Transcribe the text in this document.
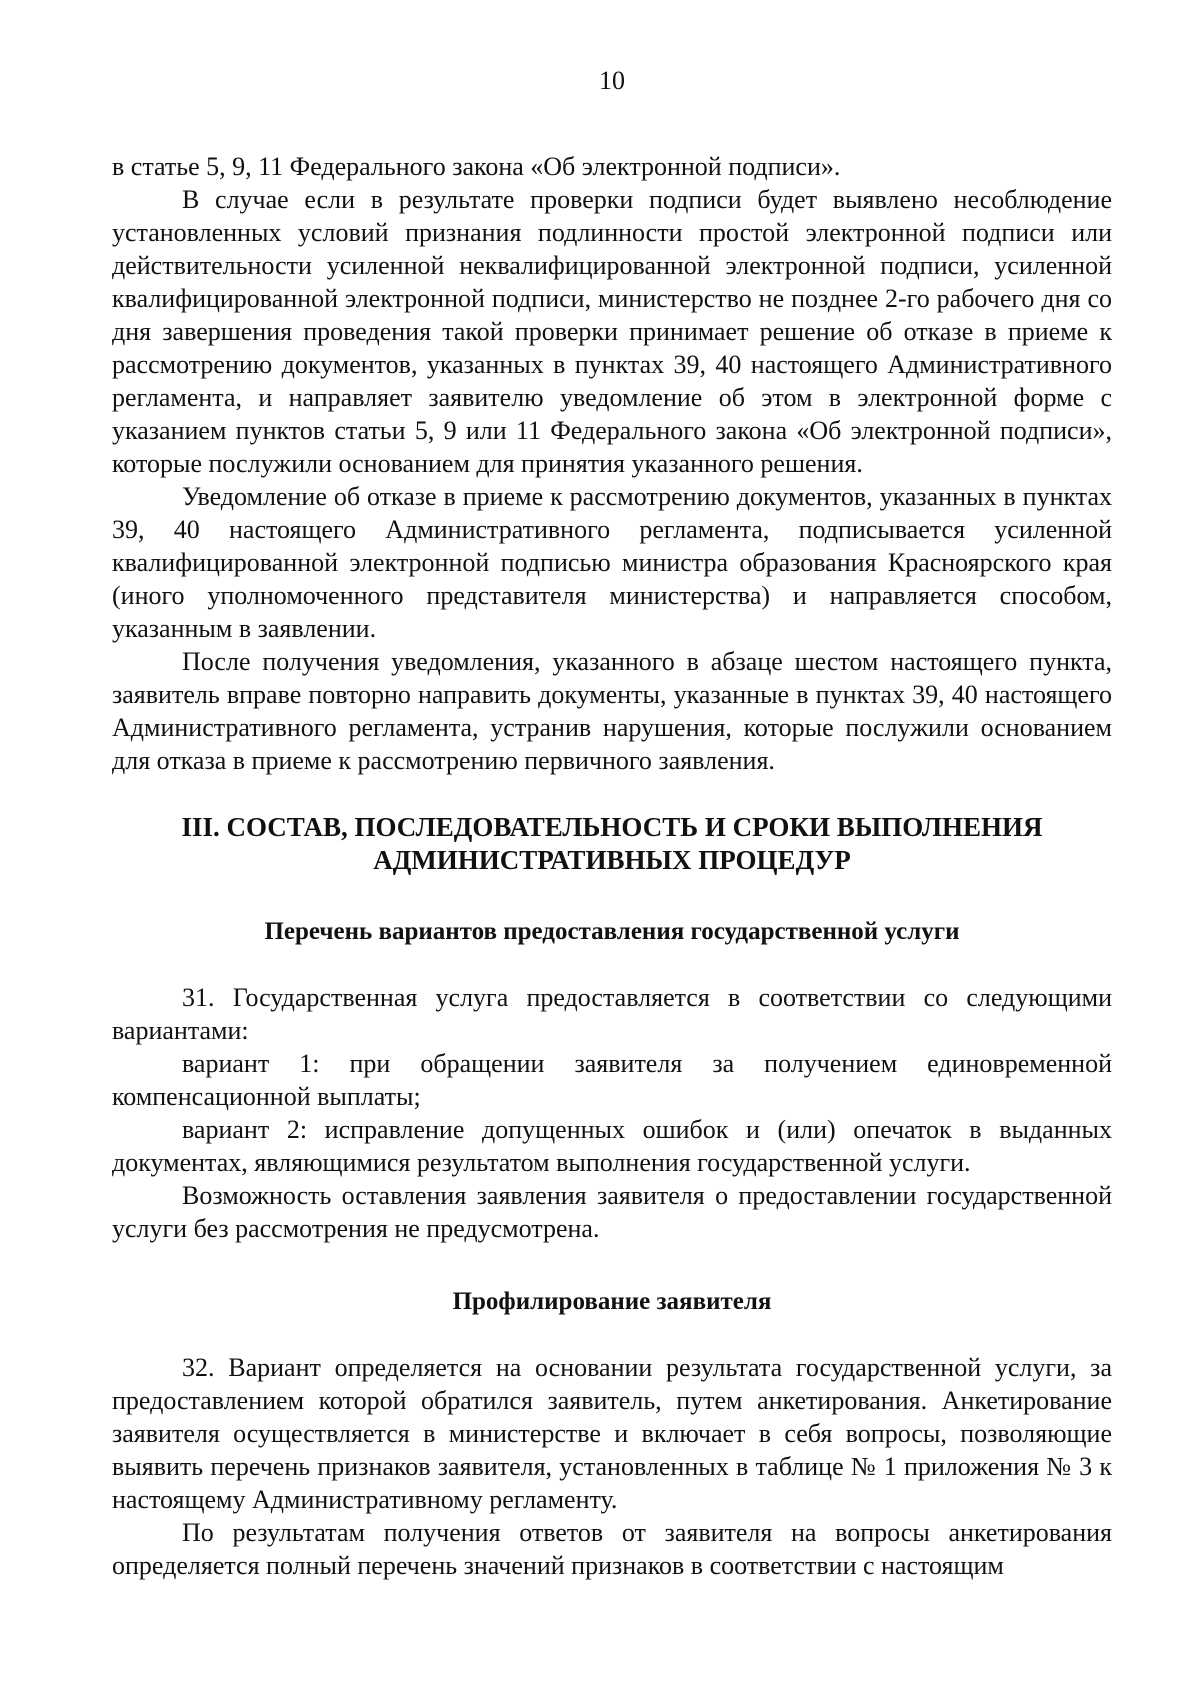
10

в статье 5, 9, 11 Федерального закона «Об электронной подписи».

В случае если в результате проверки подписи будет выявлено несоблюдение установленных условий признания подлинности простой электронной подписи или действительности усиленной неквалифицированной электронной подписи, усиленной квалифицированной электронной подписи, министерство не позднее 2-го рабочего дня со дня завершения проведения такой проверки принимает решение об отказе в приеме к рассмотрению документов, указанных в пунктах 39, 40 настоящего Административного регламента, и направляет заявителю уведомление об этом в электронной форме с указанием пунктов статьи 5, 9 или 11 Федерального закона «Об электронной подписи», которые послужили основанием для принятия указанного решения.

Уведомление об отказе в приеме к рассмотрению документов, указанных в пунктах 39, 40 настоящего Административного регламента, подписывается усиленной квалифицированной электронной подписью министра образования Красноярского края (иного уполномоченного представителя министерства) и направляется способом, указанным в заявлении.

После получения уведомления, указанного в абзаце шестом настоящего пункта, заявитель вправе повторно направить документы, указанные в пунктах 39, 40 настоящего Административного регламента, устранив нарушения, которые послужили основанием для отказа в приеме к рассмотрению первичного заявления.

III. СОСТАВ, ПОСЛЕДОВАТЕЛЬНОСТЬ И СРОКИ ВЫПОЛНЕНИЯ
АДМИНИСТРАТИВНЫХ ПРОЦЕДУР
Перечень вариантов предоставления государственной услуги

31. Государственная услуга предоставляется в соответствии со следующими вариантами:

вариант 1: при обращении заявителя за получением единовременной компенсационной выплаты;

вариант 2: исправление допущенных ошибок и (или) опечаток в выданных документах, являющимися результатом выполнения государственной услуги.

Возможность оставления заявления заявителя о предоставлении государственной услуги без рассмотрения не предусмотрена.

Профилирование заявителя

32. Вариант определяется на основании результата государственной услуги, за предоставлением которой обратился заявитель, путем анкетирования. Анкетирование заявителя осуществляется в министерстве и включает в себя вопросы, позволяющие выявить перечень признаков заявителя, установленных в таблице № 1 приложения № 3 к настоящему Административному регламенту.

По результатам получения ответов от заявителя на вопросы анкетирования определяется полный перечень значений признаков в соответствии с настоящим
